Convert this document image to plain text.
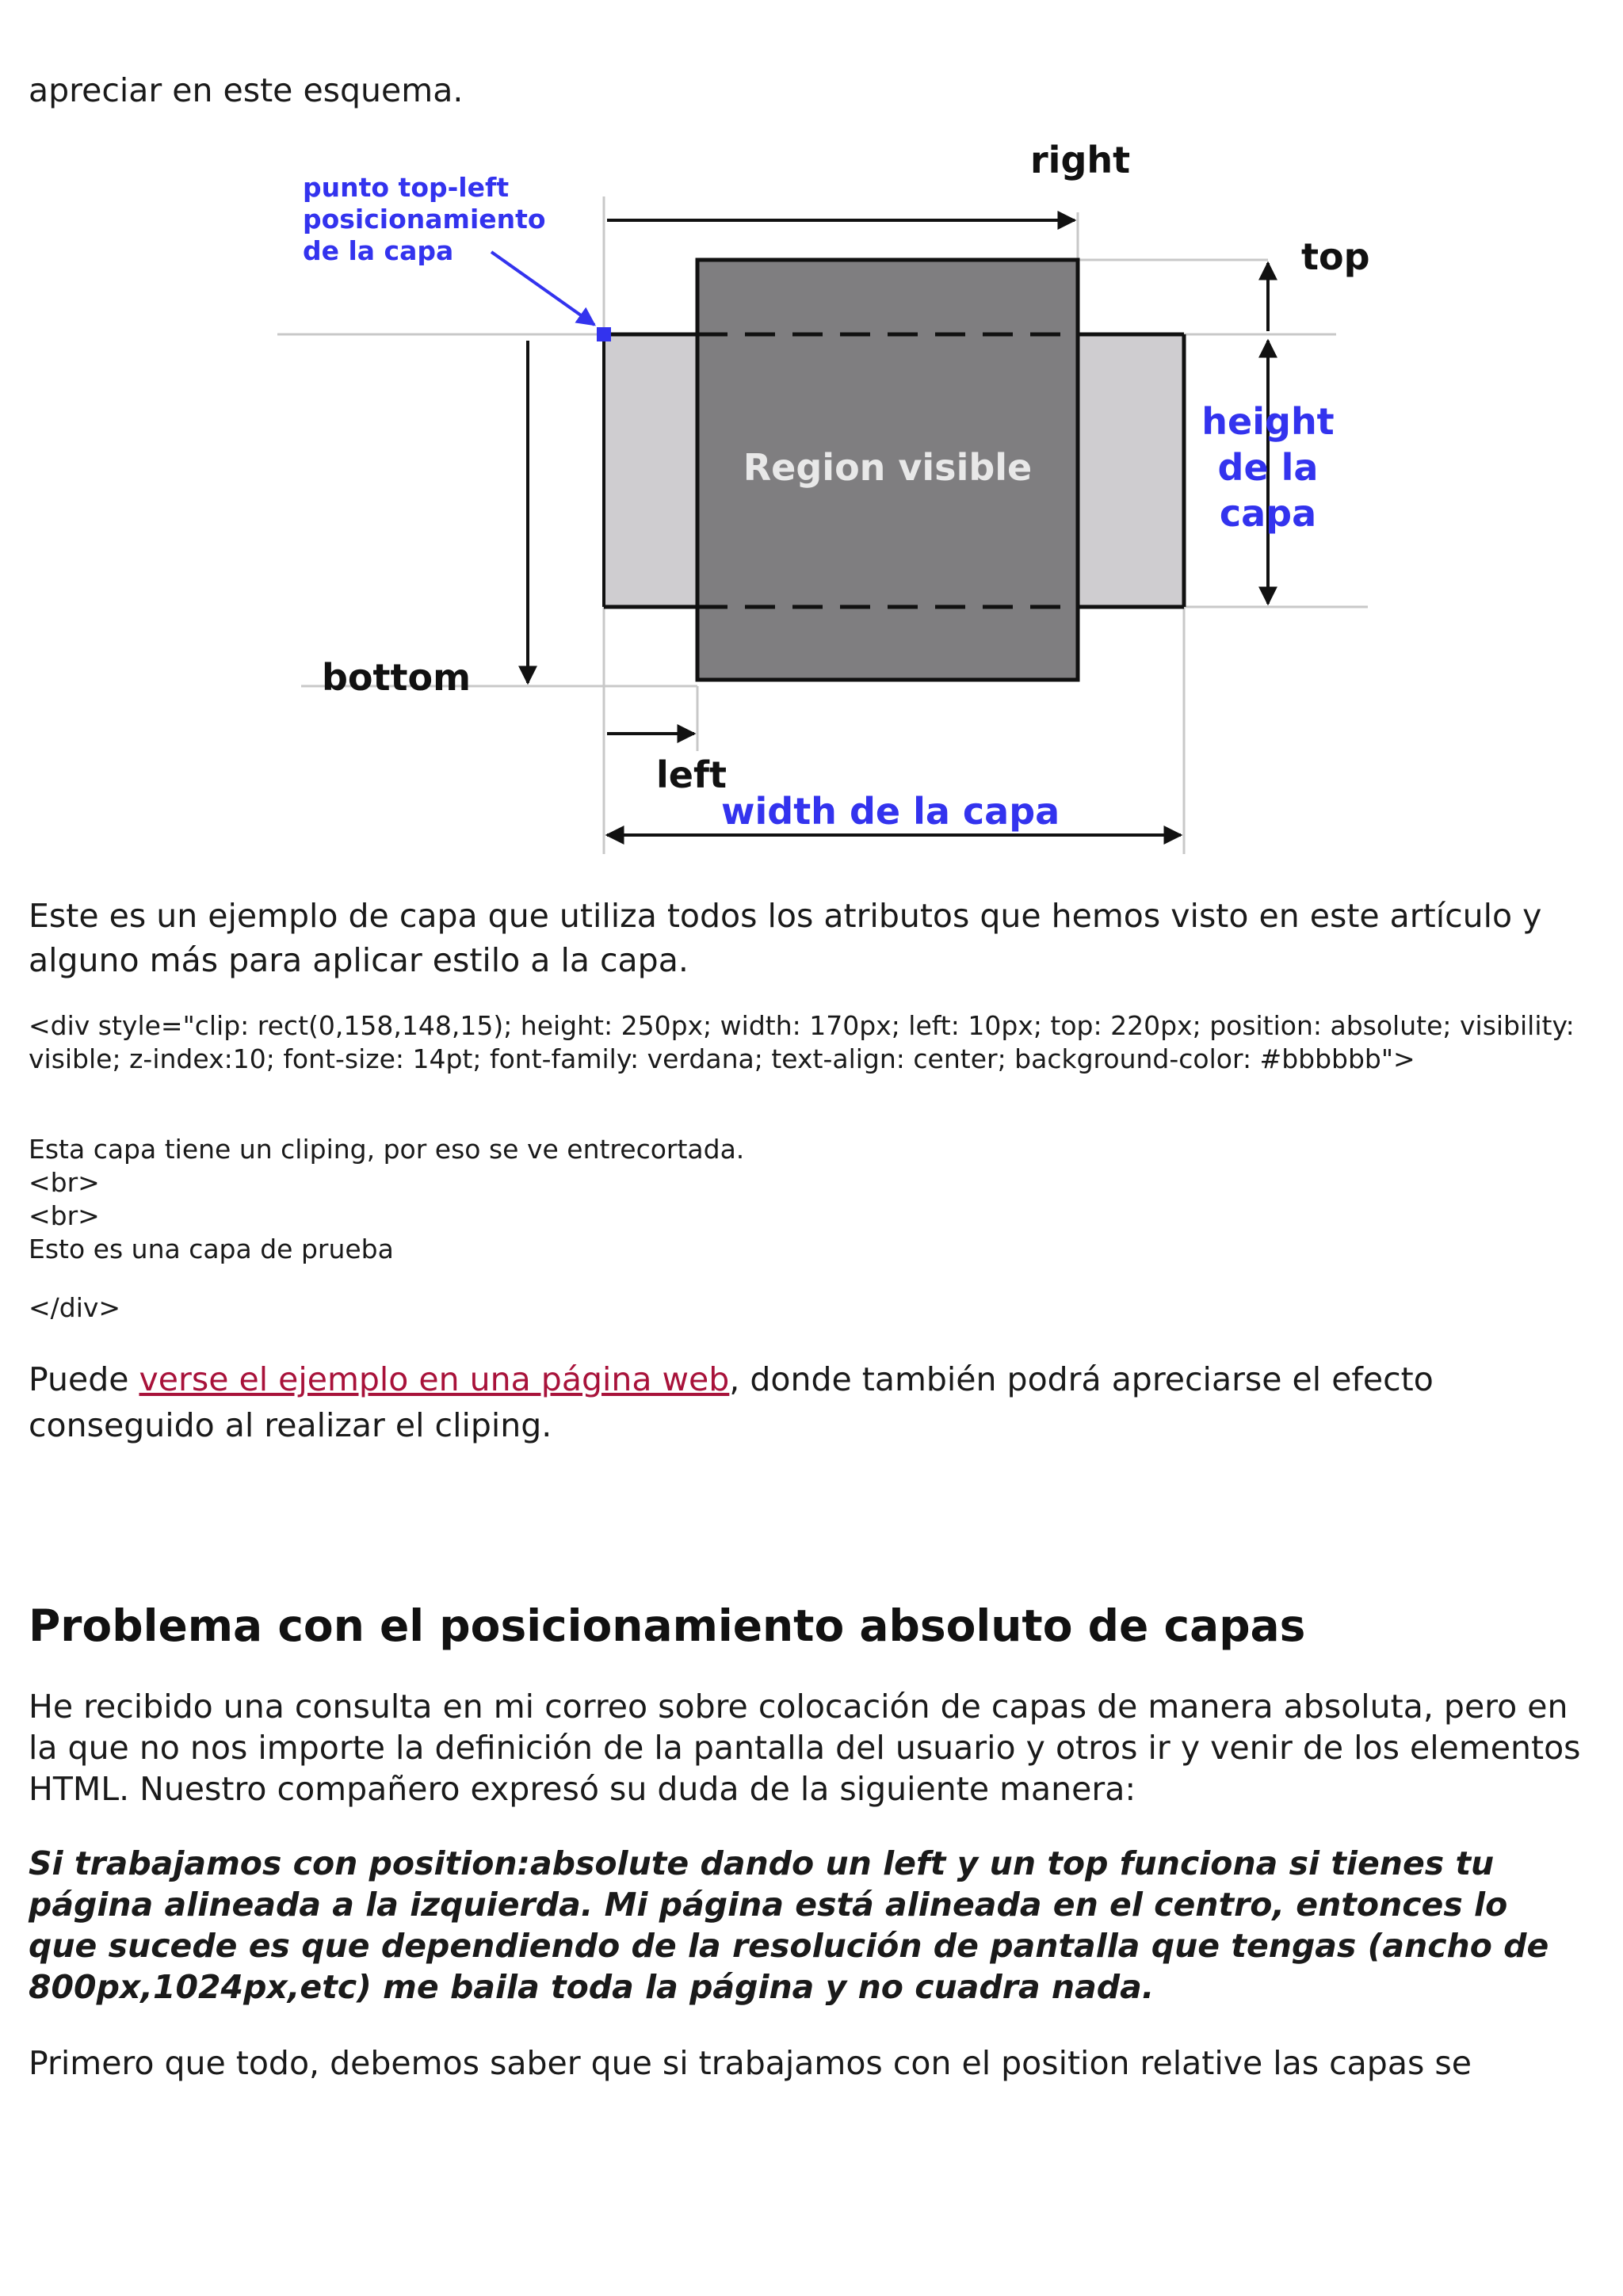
apreciar en este esquema.

punto top-left
posicionamiento
de la capa
right
top
height
de la
capa
Region visible
bottom
left
width de la capa

Este es un ejemplo de capa que utiliza todos los atributos que hemos visto en este artículo y alguno más para aplicar estilo a la capa.

<div style="clip: rect(0,158,148,15); height: 250px; width: 170px; left: 10px; top: 220px; position: absolute; visibility: visible; z-index:10; font-size: 14pt; font-family: verdana; text-align: center; background-color: #bbbbbb">

Esta capa tiene un cliping, por eso se ve entrecortada.

<br>

<br>

Esto es una capa de prueba

</div>

Puede verse el ejemplo en una página web, donde también podrá apreciarse el efecto conseguido al realizar el cliping.

Problema con el posicionamiento absoluto de capas

He recibido una consulta en mi correo sobre colocación de capas de manera absoluta, pero en la que no nos importe la definición de la pantalla del usuario y otros ir y venir de los elementos HTML. Nuestro compañero expresó su duda de la siguiente manera:

Si trabajamos con position:absolute dando un left y un top funciona si tienes tu página alineada a la izquierda. Mi página está alineada en el centro, entonces lo que sucede es que dependiendo de la resolución de pantalla que tengas (ancho de 800px,1024px,etc) me baila toda la página y no cuadra nada.

Primero que todo, debemos saber que si trabajamos con el position relative las capas se
